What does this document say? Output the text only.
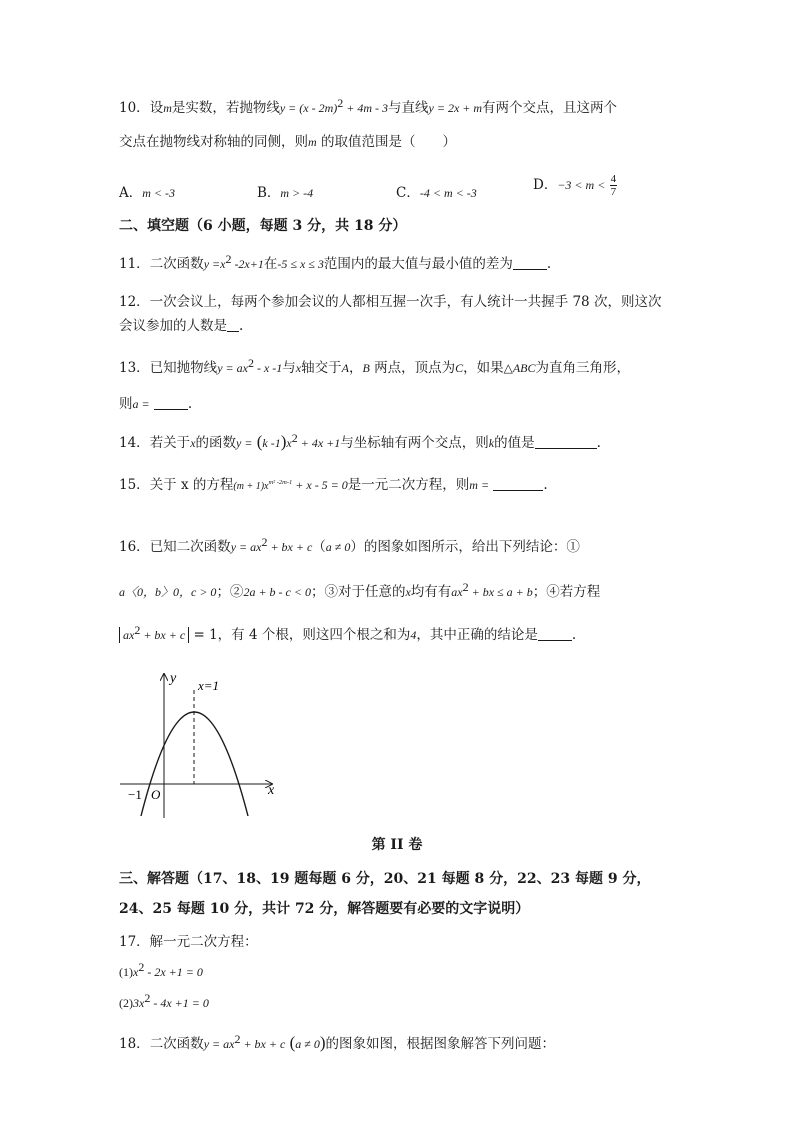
10．设m是实数，若抛物线y = (x - 2m)$^2$ + 4m - 3与直线y = 2x + m有两个交点，且这两个
交点在抛物线对称轴的同侧，则m 的取值范围是（　　）
A．m < -3	B．m > -4	C．-4 < m < -3	D．$-3 < m < \frac{4}{7}$
二、填空题（6 小题，每题 3 分，共 18 分）
11．二次函数$y =x^2$ -2x+1在-5 ≤ x ≤ 3范围内的最大值与最小值的差为	.
12．一次会议上，每两个参加会议的人都相互握一次手，有人统计一共握手 78 次，则这次
会议参加的人数是 .
13．已知抛物线$y = ax^2 - x$ -1与x轴交于A，B 两点，顶点为C，如果△ABC为直角三角形，
则a =	.
14．若关于x的函数y = (k $-1)x^2 + 4x +1$与坐标轴有两个交点，则k的值是	.
15．关于 x 的方程$(m + 1)x^{m^2 -2m-1} + x - 5 = 0$是一元二次方程，则m =	.
16．已知二次函数$y = ax^2$ + bx + c（a ≠ 0）的图象如图所示，给出下列结论：①
a〈0，b〉0，c > 0；②2a + b - c < 0；③对于任意的x均有有$ax^2$ + bx ≤ a + b；④若方程
$ax^2$ + bx + c = 1，有 4 个根，则这四个根之和为4，其中正确的结论是	.
y
x
x=1
−1 O
第 II 卷
三、解答题（17、18、19 题每题 6 分，20、21 每题 8 分，22、23 每题 9 分，
24、25 每题 10 分，共计 72 分，解答题要有必要的文字说明）
17．解一元二次方程：
$(1)x^2 - 2x +1 = 0$
$(2)3x^2 - 4x +1 = 0$
18．二次函数$y = ax^2$ + bx + c (a ≠ 0)的图象如图，根据图象解答下列问题：
